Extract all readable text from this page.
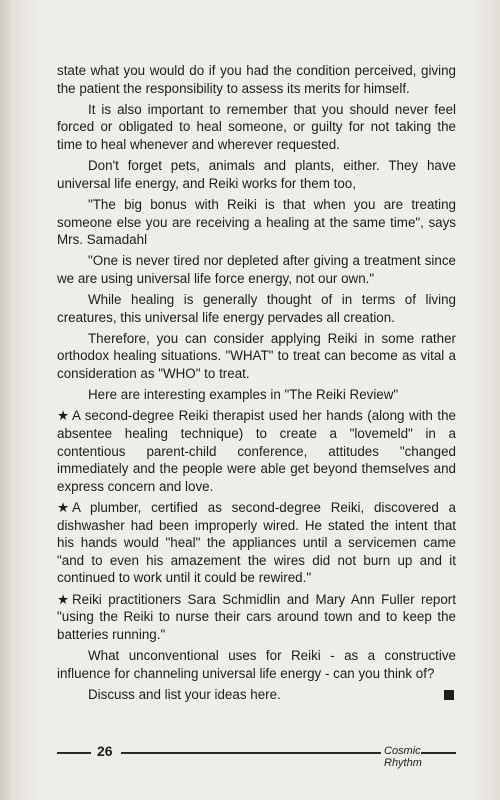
state what you would do if you had the condition perceived, giving the patient the responsibility to assess its merits for himself.

It is also important to remember that you should never feel forced or obligated to heal someone, or guilty for not taking the time to heal whenever and wherever requested.

Don't forget pets, animals and plants, either. They have universal life energy, and Reiki works for them too,

"The big bonus with Reiki is that when you are treating someone else you are receiving a healing at the same time", says Mrs. Samadahl

"One is never tired nor depleted after giving a treatment since we are using universal life force energy, not our own."

While healing is generally thought of in terms of living creatures, this universal life energy pervades all creation.

Therefore, you can consider applying Reiki in some rather orthodox healing situations. "WHAT" to treat can become as vital a consideration as "WHO" to treat.

Here are interesting examples in "The Reiki Review"

★ A second-degree Reiki therapist used her hands (along with the absentee healing technique) to create a "lovemeld" in a contentious parent-child conference, attitudes "changed immediately and the people were able get beyond themselves and express concern and love.

★ A plumber, certified as second-degree Reiki, discovered a dishwasher had been improperly wired. He stated the intent that his hands would "heal" the appliances until a servicemen came "and to even his amazement the wires did not burn up and it continued to work until it could be rewired."

★ Reiki practitioners Sara Schmidlin and Mary Ann Fuller report "using the Reiki to nurse their cars around town and to keep the batteries running."

What unconventional uses for Reiki - as a constructive influence for channeling universal life energy - can you think of?

Discuss and list your ideas here.

26	Cosmic Rhythm
